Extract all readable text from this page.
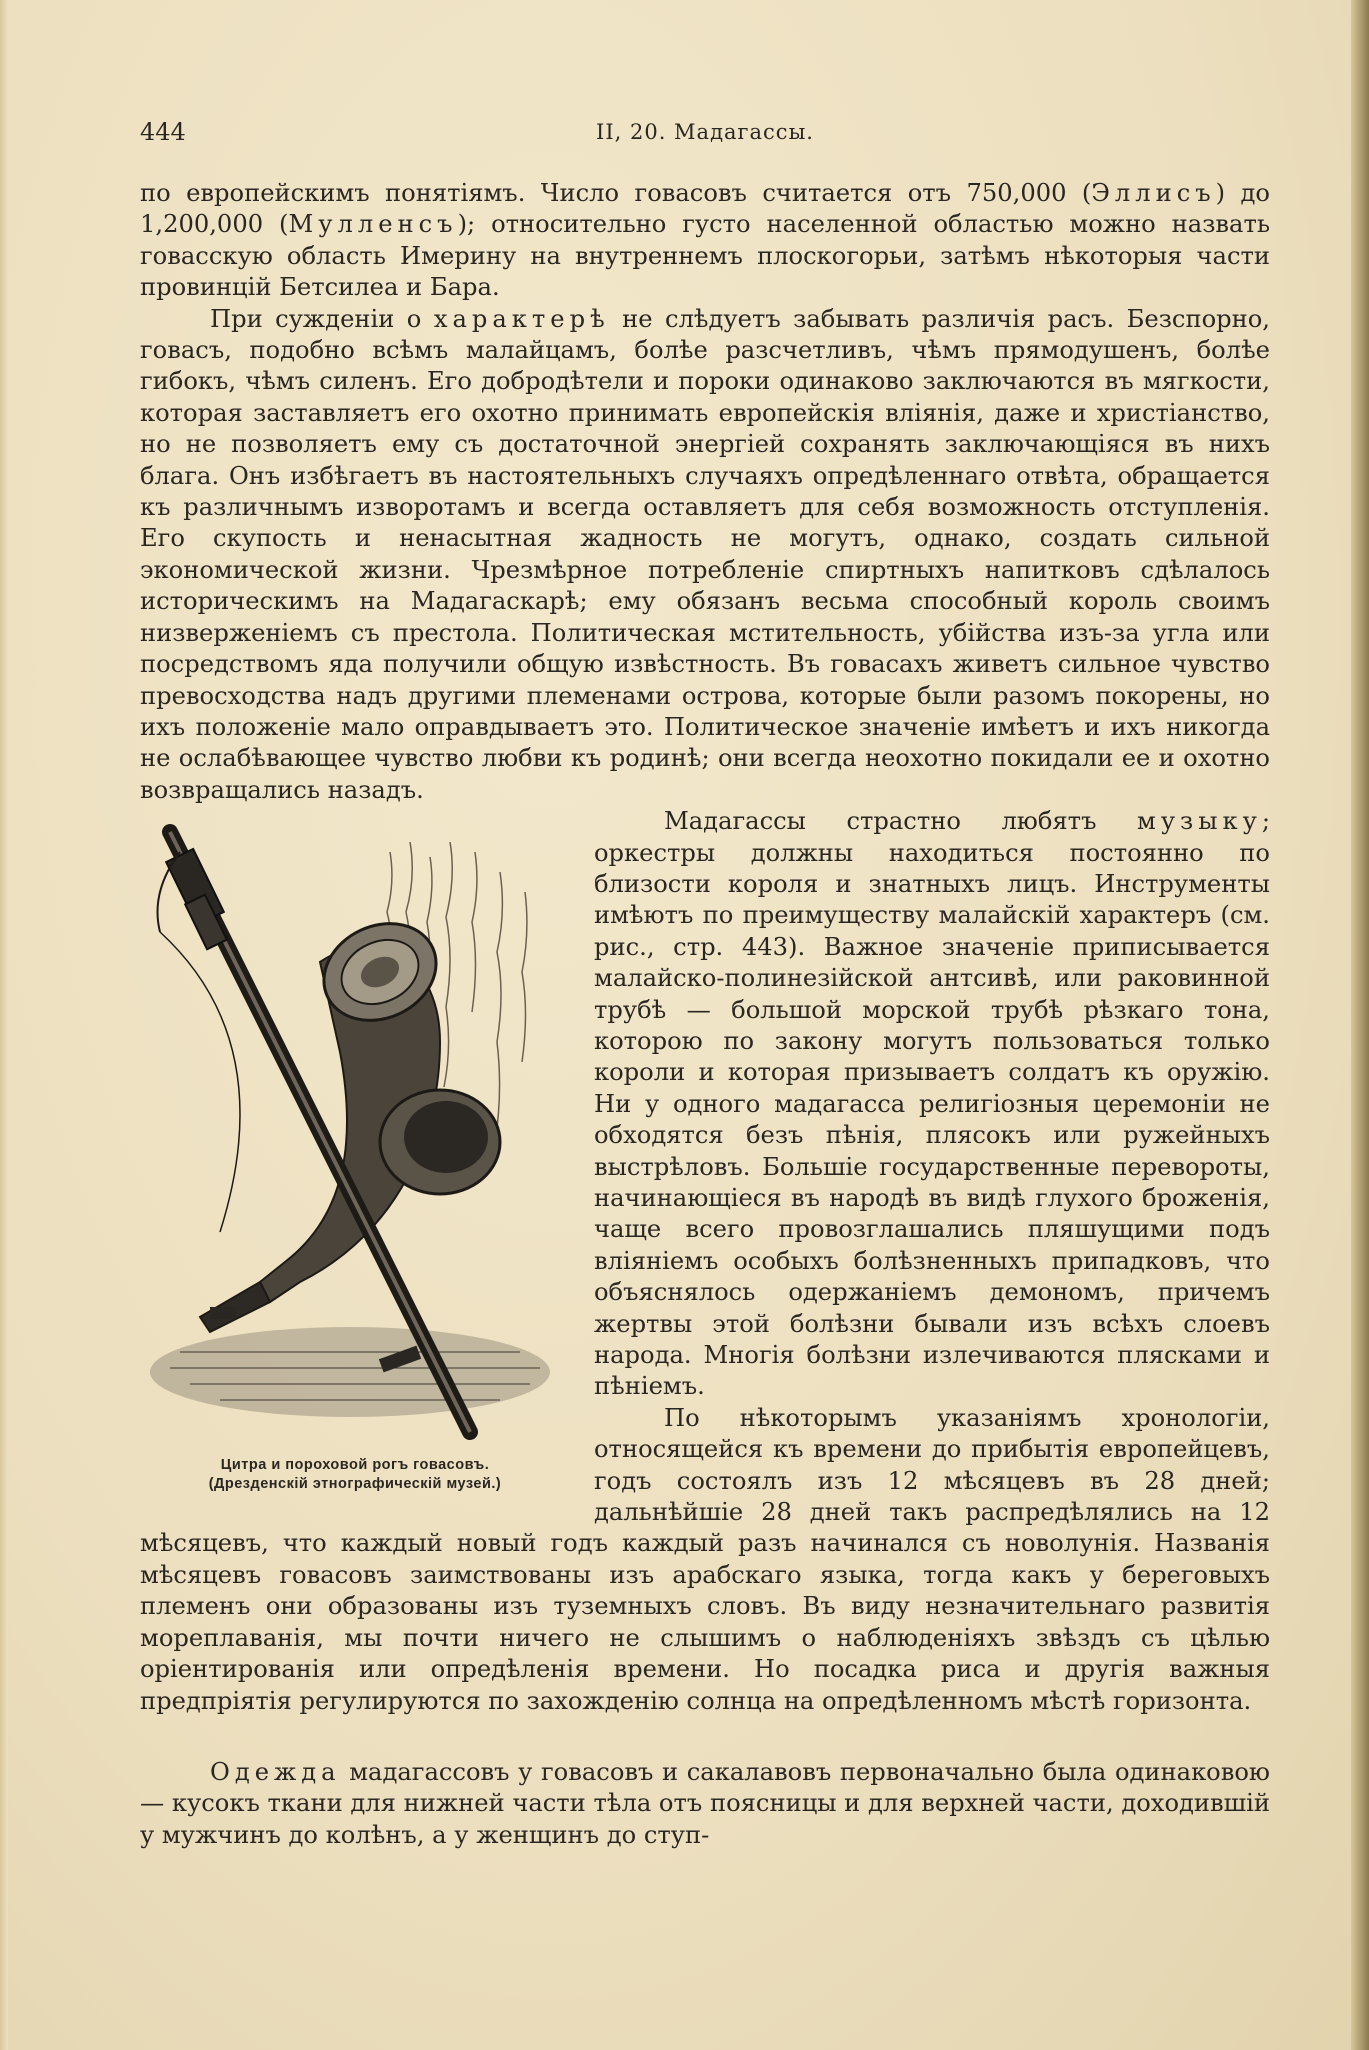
444	II, 20. Мадагассы.

по европейскимъ понятіямъ. Число говасовъ считается отъ 750,000 (Эллисъ) до 1,200,000 (Мулленсъ); относительно густо населенной областью можно назвать говасскую область Имерину на внутреннемъ плоскогорьи, затѣмъ нѣкоторыя части провинцій Бетсилеа и Бара.

При сужденіи о характерѣ не слѣдуетъ забывать различія расъ. Безспорно, говасъ, подобно всѣмъ малайцамъ, болѣе разсчетливъ, чѣмъ прямодушенъ, болѣе гибокъ, чѣмъ силенъ. Его добродѣтели и пороки одинаково заключаются въ мягкости, которая заставляетъ его охотно принимать европейскія вліянія, даже и христіанство, но не позволяетъ ему съ достаточной энергіей сохранять заключающіяся въ нихъ блага. Онъ избѣгаетъ въ настоятельныхъ случаяхъ опредѣленнаго отвѣта, обращается къ различнымъ изворотамъ и всегда оставляетъ для себя возможность отступленія. Его скупость и ненасытная жадность не могутъ, однако, создать сильной экономической жизни. Чрезмѣрное потребленіе спиртныхъ напитковъ сдѣлалось историческимъ на Мадагаскарѣ; ему обязанъ весьма способный король своимъ низверженіемъ съ престола. Политическая мстительность, убійства изъ-за угла или посредствомъ яда получили общую извѣстность. Въ говасахъ живетъ сильное чувство превосходства надъ другими племенами острова, которые были разомъ покорены, но ихъ положеніе мало оправдываетъ это. Политическое значеніе имѣетъ и ихъ никогда не ослабѣвающее чувство любви къ родинѣ; они всегда неохотно покидали ее и охотно возвращались назадъ.

Цитра и пороховой рогъ говасовъ.
(Дрезденскій этнографическій музей.)

Мадагассы страстно любятъ музыку; оркестры должны находиться постоянно по близости короля и знатныхъ лицъ. Инструменты имѣютъ по преимуществу малайскій характеръ (см. рис., стр. 443). Важное значеніе приписывается малайско-полинезійской антсивѣ, или раковинной трубѣ — большой морской трубѣ рѣзкаго тона, которою по закону могутъ пользоваться только короли и которая призываетъ солдатъ къ оружію. Ни у одного мадагасса религіозныя церемоніи не обходятся безъ пѣнія, плясокъ или ружейныхъ выстрѣловъ. Большіе государственные перевороты, начинающіеся въ народѣ въ видѣ глухого броженія, чаще всего провозглашались пляшущими подъ вліяніемъ особыхъ болѣзненныхъ припадковъ, что объяснялось одержаніемъ демономъ, причемъ жертвы этой болѣзни бывали изъ всѣхъ слоевъ народа. Многія болѣзни излечиваются плясками и пѣніемъ.

По нѣкоторымъ указаніямъ хронологіи, относящейся къ времени до прибытія европейцевъ, годъ состоялъ изъ 12 мѣсяцевъ въ 28 дней; дальнѣйшіе 28 дней такъ распредѣлялись на 12 мѣсяцевъ, что каждый новый годъ каждый разъ начинался съ новолунія. Названія мѣсяцевъ говасовъ заимствованы изъ арабскаго языка, тогда какъ у береговыхъ племенъ они образованы изъ туземныхъ словъ. Въ виду незначительнаго развитія мореплаванія, мы почти ничего не слышимъ о наблюденіяхъ звѣздъ съ цѣлью оріентированія или опредѣленія времени. Но посадка риса и другія важныя предпріятія регулируются по захожденію солнца на опредѣленномъ мѣстѣ горизонта.

Одежда мадагассовъ у говасовъ и сакалавовъ первоначально была одинаковою — кусокъ ткани для нижней части тѣла отъ поясницы и для верхней части, доходившій у мужчинъ до колѣнъ, а у женщинъ до ступ-
